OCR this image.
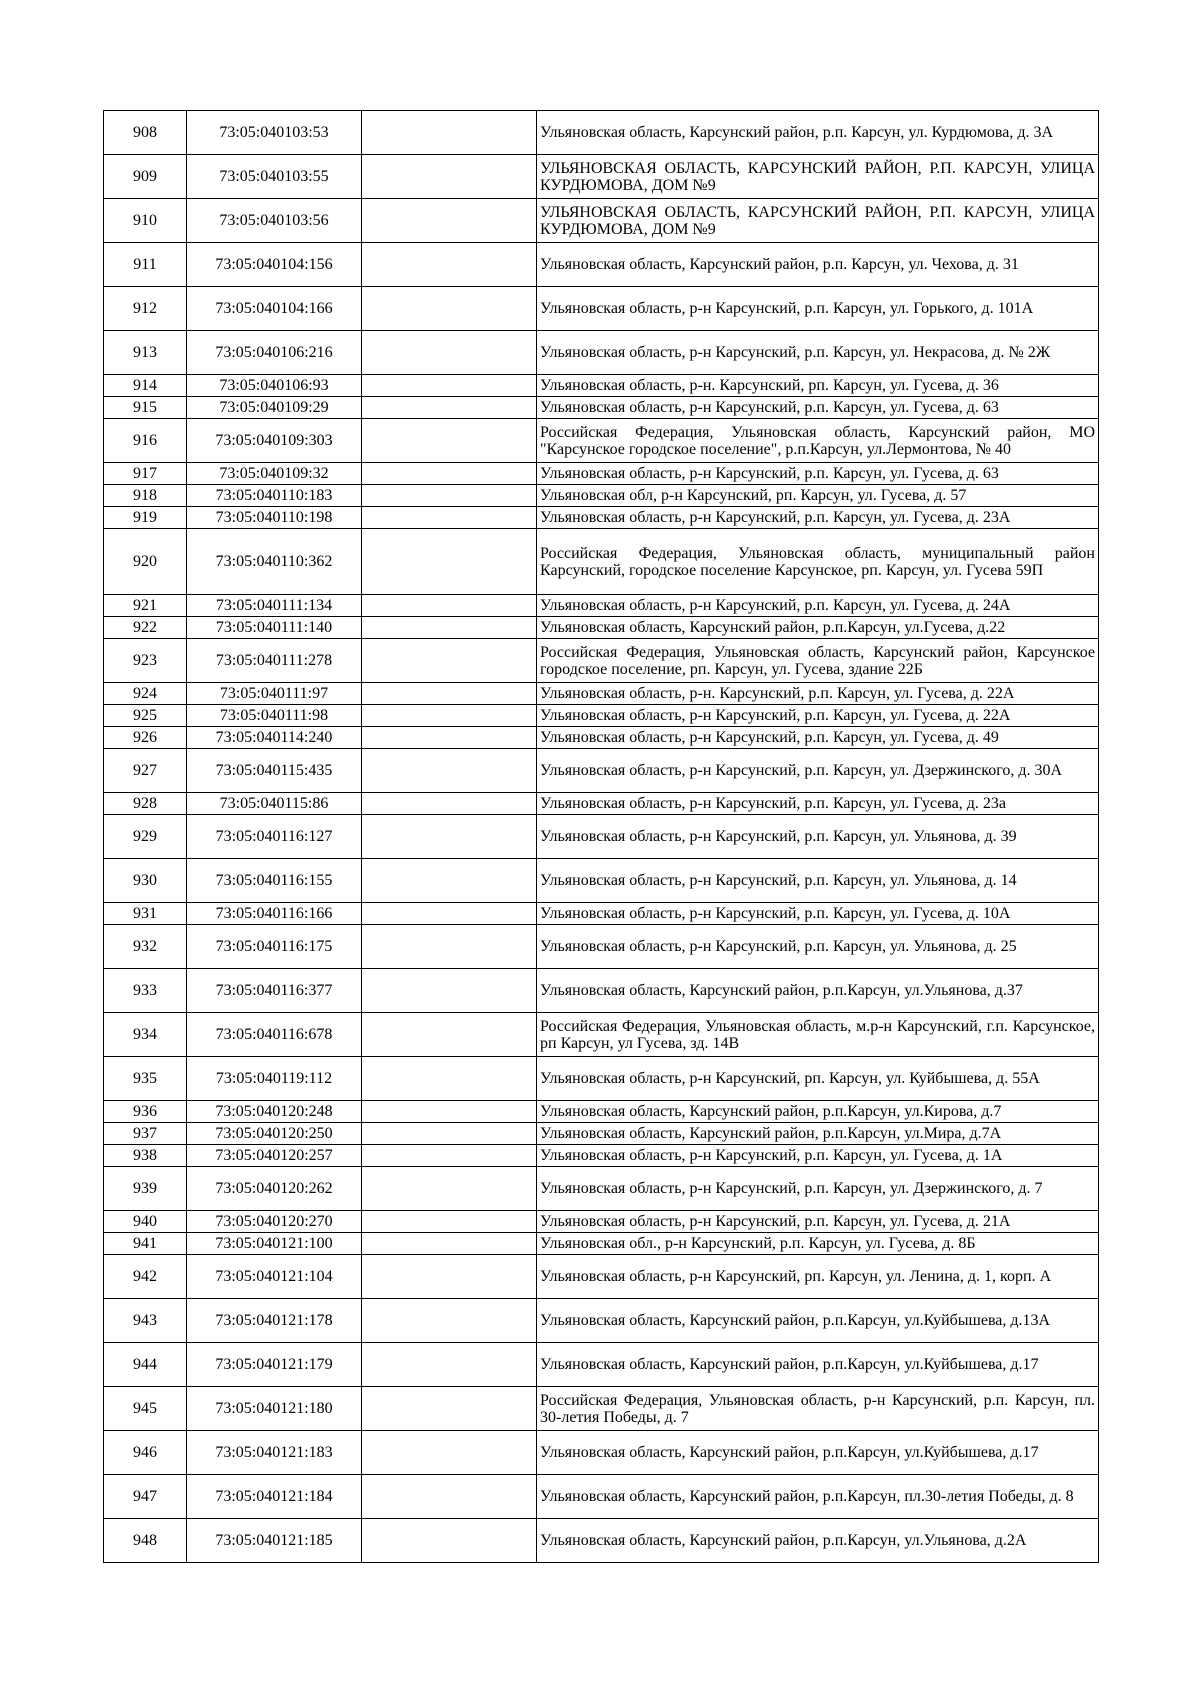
908	73:05:040103:53		Ульяновская область, Карсунский район, р.п. Карсун, ул. Курдюмова, д. 3А
909	73:05:040103:55		УЛЬЯНОВСКАЯ ОБЛАСТЬ, КАРСУНСКИЙ РАЙОН, Р.П. КАРСУН, УЛИЦА КУРДЮМОВА, ДОМ №9
910	73:05:040103:56		УЛЬЯНОВСКАЯ ОБЛАСТЬ, КАРСУНСКИЙ РАЙОН, Р.П. КАРСУН, УЛИЦА КУРДЮМОВА, ДОМ №9
911	73:05:040104:156		Ульяновская область, Карсунский район, р.п. Карсун, ул. Чехова, д. 31
912	73:05:040104:166		Ульяновская область, р-н Карсунский, р.п. Карсун, ул. Горького, д. 101А
913	73:05:040106:216		Ульяновская область, р-н Карсунский, р.п. Карсун, ул. Некрасова, д. № 2Ж
914	73:05:040106:93		Ульяновская область, р-н. Карсунский, рп. Карсун, ул. Гусева, д. 36
915	73:05:040109:29		Ульяновская область, р-н Карсунский, р.п. Карсун, ул. Гусева, д. 63
916	73:05:040109:303		Российская Федерация, Ульяновская область, Карсунский район, МО "Карсунское городское поселение", р.п.Карсун, ул.Лермонтова, № 40
917	73:05:040109:32		Ульяновская область, р-н Карсунский, р.п. Карсун, ул. Гусева, д. 63
918	73:05:040110:183		Ульяновская обл, р-н Карсунский, рп. Карсун, ул. Гусева, д. 57
919	73:05:040110:198		Ульяновская область, р-н Карсунский, р.п. Карсун, ул. Гусева, д. 23А
920	73:05:040110:362		Российская Федерация, Ульяновская область, муниципальный район Карсунский, городское поселение Карсунское, рп. Карсун, ул. Гусева 59П
921	73:05:040111:134		Ульяновская область, р-н Карсунский, р.п. Карсун, ул. Гусева, д. 24А
922	73:05:040111:140		Ульяновская область, Карсунский район, р.п.Карсун, ул.Гусева, д.22
923	73:05:040111:278		Российская Федерация, Ульяновская область, Карсунский район, Карсунское городское поселение, рп. Карсун, ул. Гусева, здание 22Б
924	73:05:040111:97		Ульяновская область, р-н. Карсунский, р.п. Карсун, ул. Гусева, д. 22А
925	73:05:040111:98		Ульяновская область, р-н Карсунский, р.п. Карсун, ул. Гусева, д. 22А
926	73:05:040114:240		Ульяновская область, р-н Карсунский, р.п. Карсун, ул. Гусева, д. 49
927	73:05:040115:435		Ульяновская область, р-н Карсунский, р.п. Карсун, ул. Дзержинского, д. 30А
928	73:05:040115:86		Ульяновская область, р-н Карсунский, р.п. Карсун, ул. Гусева, д. 23а
929	73:05:040116:127		Ульяновская область, р-н Карсунский, р.п. Карсун, ул. Ульянова, д. 39
930	73:05:040116:155		Ульяновская область, р-н Карсунский, р.п. Карсун, ул. Ульянова, д. 14
931	73:05:040116:166		Ульяновская область, р-н Карсунский, р.п. Карсун, ул. Гусева, д. 10А
932	73:05:040116:175		Ульяновская область, р-н Карсунский, р.п. Карсун, ул. Ульянова, д. 25
933	73:05:040116:377		Ульяновская область, Карсунский район, р.п.Карсун, ул.Ульянова, д.37
934	73:05:040116:678		Российская Федерация, Ульяновская область, м.р-н Карсунский, г.п. Карсунское, рп Карсун, ул Гусева, зд. 14В
935	73:05:040119:112		Ульяновская область, р-н Карсунский, рп. Карсун, ул. Куйбышева, д. 55А
936	73:05:040120:248		Ульяновская область, Карсунский район, р.п.Карсун, ул.Кирова, д.7
937	73:05:040120:250		Ульяновская область, Карсунский район, р.п.Карсун, ул.Мира, д.7А
938	73:05:040120:257		Ульяновская область, р-н Карсунский, р.п. Карсун, ул. Гусева, д. 1А
939	73:05:040120:262		Ульяновская область, р-н Карсунский, р.п. Карсун, ул. Дзержинского, д. 7
940	73:05:040120:270		Ульяновская область, р-н Карсунский, р.п. Карсун, ул. Гусева, д. 21А
941	73:05:040121:100		Ульяновская обл., р-н Карсунский, р.п. Карсун, ул. Гусева, д. 8Б
942	73:05:040121:104		Ульяновская область, р-н Карсунский, рп. Карсун, ул. Ленина, д. 1, корп. А
943	73:05:040121:178		Ульяновская область, Карсунский район, р.п.Карсун, ул.Куйбышева, д.13А
944	73:05:040121:179		Ульяновская область, Карсунский район, р.п.Карсун, ул.Куйбышева, д.17
945	73:05:040121:180		Российская Федерация, Ульяновская область, р-н Карсунский, р.п. Карсун, пл. 30-летия Победы, д. 7
946	73:05:040121:183		Ульяновская область, Карсунский район, р.п.Карсун, ул.Куйбышева, д.17
947	73:05:040121:184		Ульяновская область, Карсунский район, р.п.Карсун, пл.30-летия Победы, д. 8
948	73:05:040121:185		Ульяновская область, Карсунский район, р.п.Карсун, ул.Ульянова, д.2А
